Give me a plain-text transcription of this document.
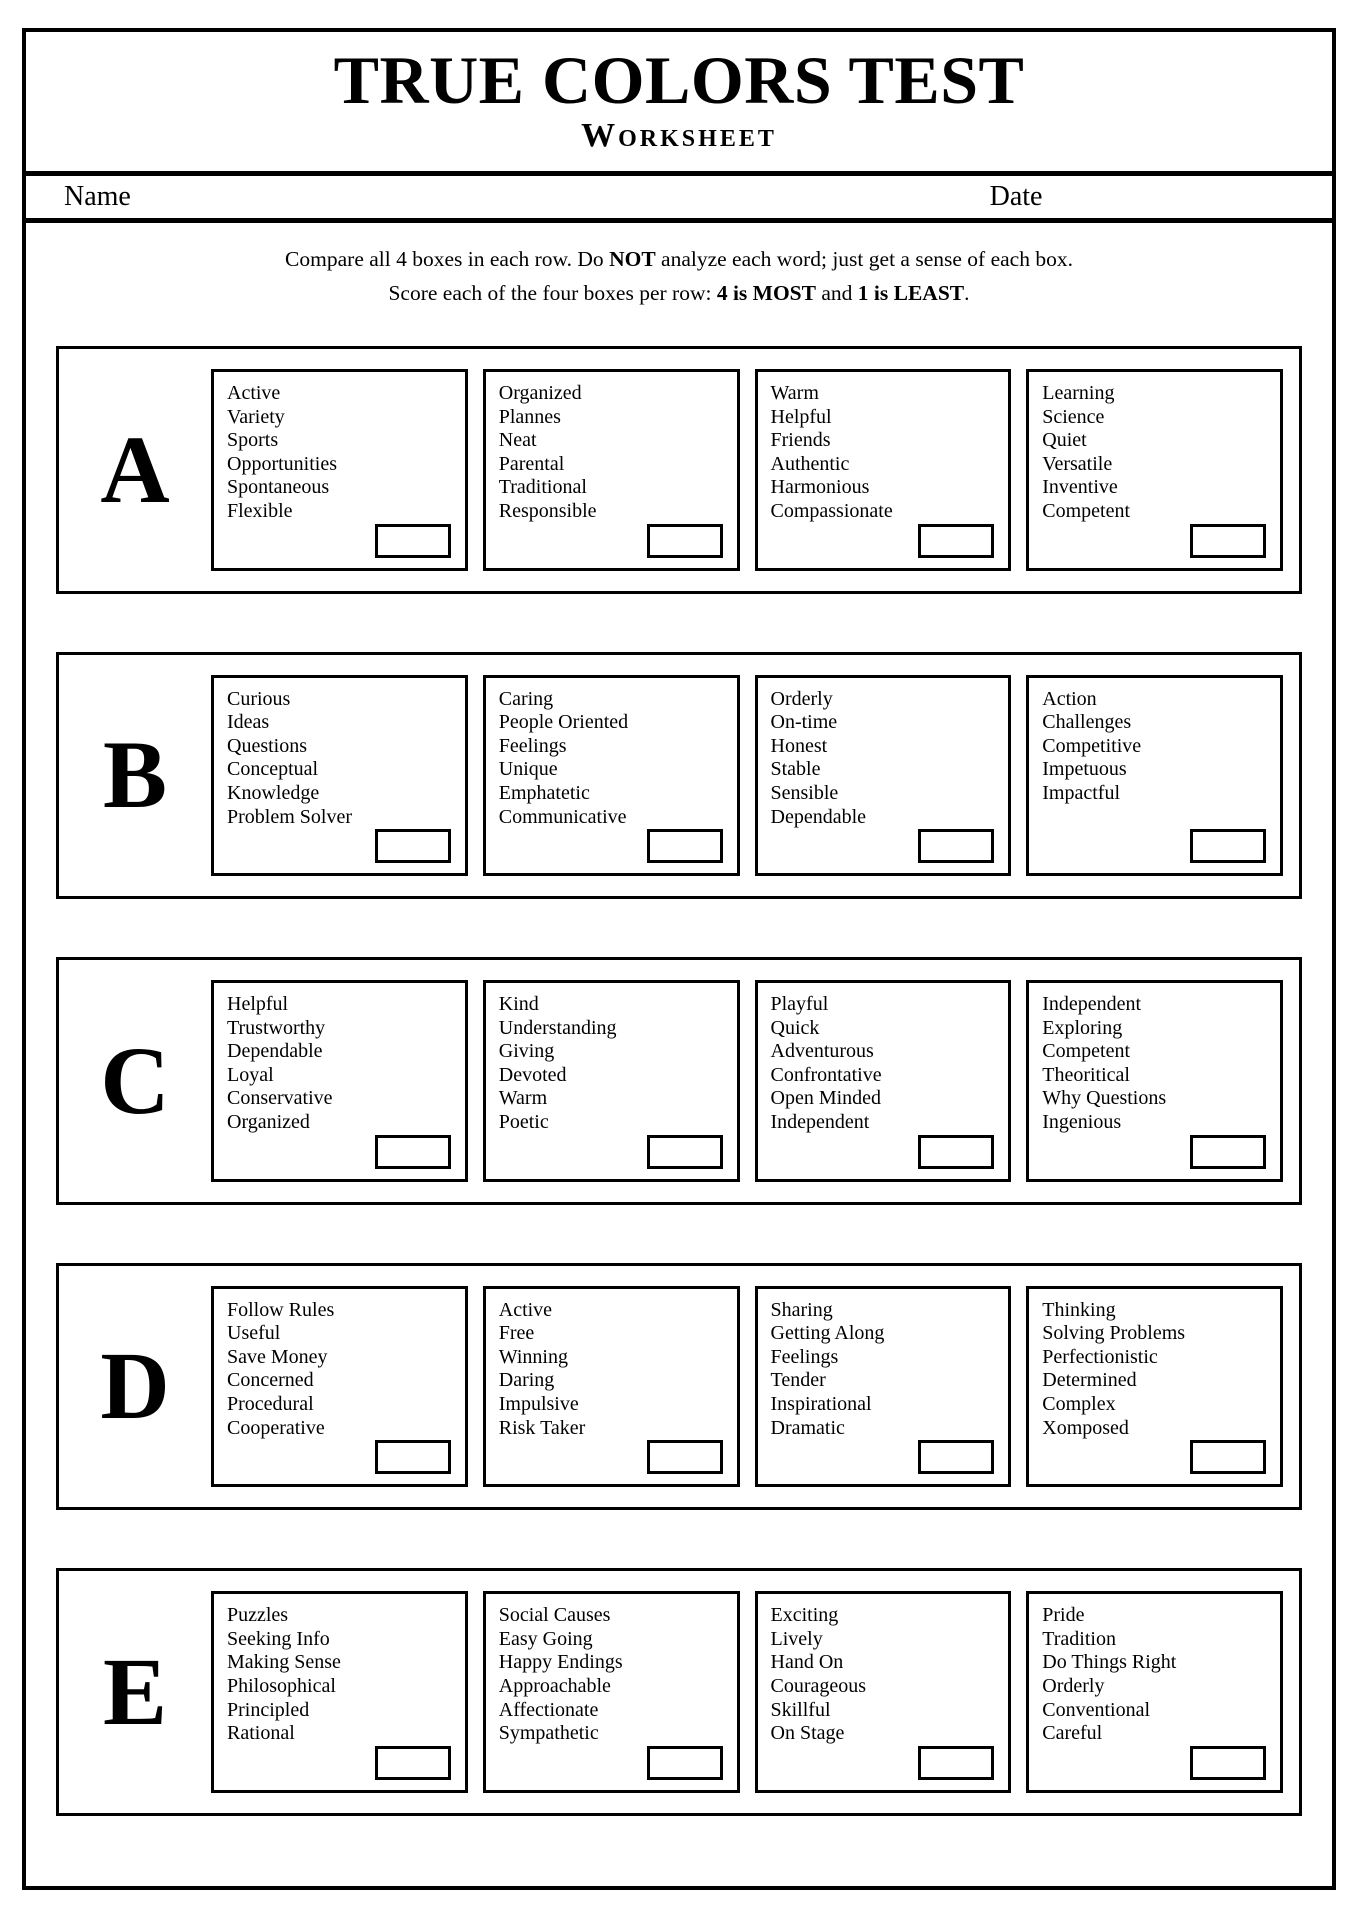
TRUE COLORS TEST
Worksheet
Name	Date
Compare all 4 boxes in each row. Do NOT analyze each word; just get a sense of each box.
Score each of the four boxes per row: 4 is MOST and 1 is LEAST.
A
Active
Variety
Sports
Opportunities
Spontaneous
Flexible
Organized
Plannes
Neat
Parental
Traditional
Responsible
Warm
Helpful
Friends
Authentic
Harmonious
Compassionate
Learning
Science
Quiet
Versatile
Inventive
Competent
B
Curious
Ideas
Questions
Conceptual
Knowledge
Problem Solver
Caring
People Oriented
Feelings
Unique
Emphatetic
Communicative
Orderly
On-time
Honest
Stable
Sensible
Dependable
Action
Challenges
Competitive
Impetuous
Impactful
C
Helpful
Trustworthy
Dependable
Loyal
Conservative
Organized
Kind
Understanding
Giving
Devoted
Warm
Poetic
Playful
Quick
Adventurous
Confrontative
Open Minded
Independent
Independent
Exploring
Competent
Theoritical
Why Questions
Ingenious
D
Follow Rules
Useful
Save Money
Concerned
Procedural
Cooperative
Active
Free
Winning
Daring
Impulsive
Risk Taker
Sharing
Getting Along
Feelings
Tender
Inspirational
Dramatic
Thinking
Solving Problems
Perfectionistic
Determined
Complex
Xomposed
E
Puzzles
Seeking Info
Making Sense
Philosophical
Principled
Rational
Social Causes
Easy Going
Happy Endings
Approachable
Affectionate
Sympathetic
Exciting
Lively
Hand On
Courageous
Skillful
On Stage
Pride
Tradition
Do Things Right
Orderly
Conventional
Careful
